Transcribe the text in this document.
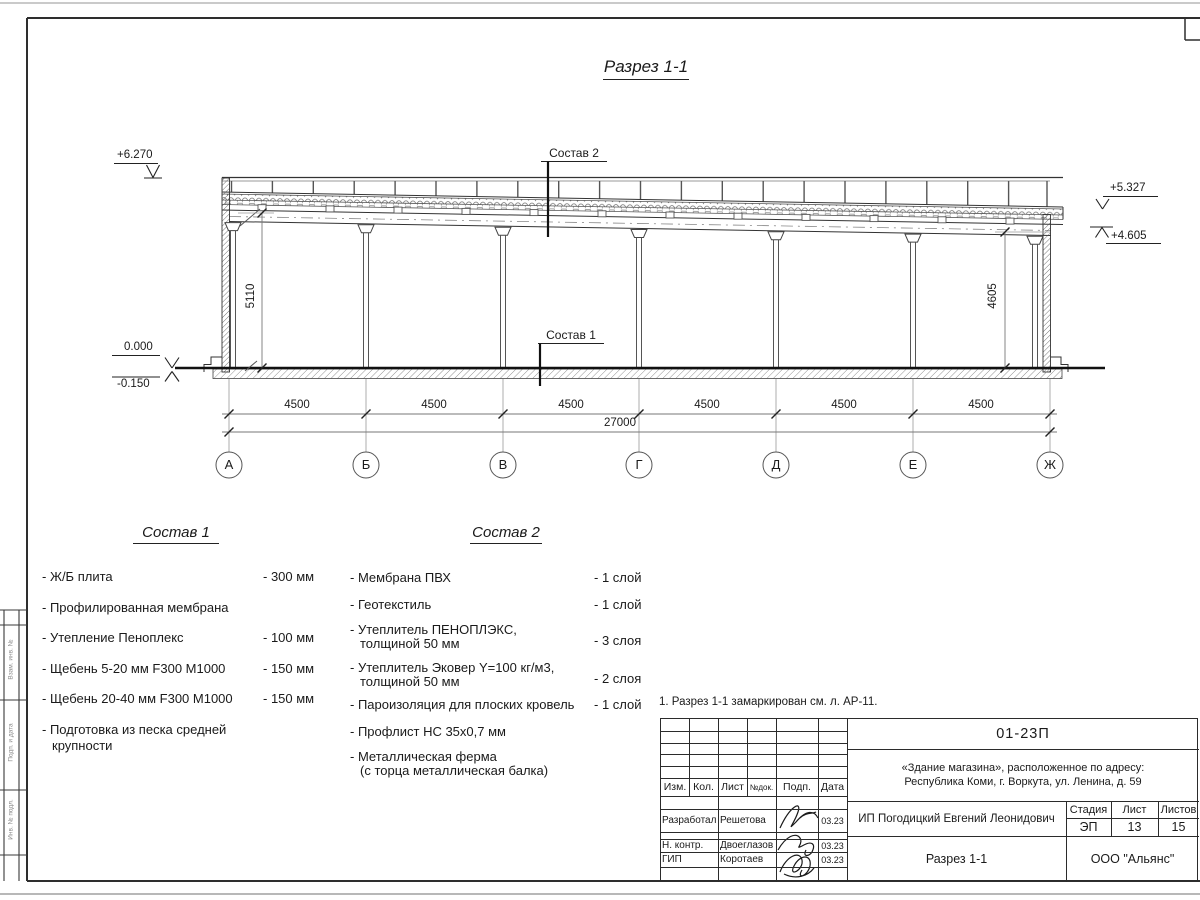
Разрез 1-1
+6.270
0.000
-0.150
+5.327
+4.605
Состав 2
Состав 1
5110	4605
4500	4500	4500	4500	4500	4500
27000
А	Б	В	Г	Д	Е	Ж
Состав 1
- Ж/Б плита	- 300 мм
- Профилированная мембрана
- Утепление Пеноплекс	- 100 мм
- Щебень 5-20 мм F300 М1000	- 150 мм
- Щебень 20-40 мм F300 М1000 - 150 мм
- Подготовка из песка средней
крупности
Состав 2
- Мембрана ПВХ	- 1 слой
- Геотекстиль	- 1 слой
- Утеплитель ПЕНОПЛЭКС,
толщиной 50 мм	- 3 слоя
- Утеплитель Эковер Y=100 кг/м3,
толщиной 50 мм	- 2 слоя
- Пароизоляция для плоских кровель - 1 слой
- Профлист НС 35х0,7 мм
- Металлическая ферма
(с торца металлическая балка)
1. Разрез 1-1 замаркирован см. л. АР-11.
Изм. Кол. Лист №док. Подп. Дата
Разработал Решетова	03.23
Н. контр.	Двоеглазов	03.23
ГИП	Коротаев	03.23
01-23П
«Здание магазина», расположенное по адресу:
Республика Коми, г. Воркута, ул. Ленина, д. 59
ИП Погодицкий Евгений Леонидович
Стадия	Лист	Листов
ЭП	13	15
Разрез 1-1	ООО "Альянс"
Взам. инв. №
Подп. и дата
Инв. № подл.
